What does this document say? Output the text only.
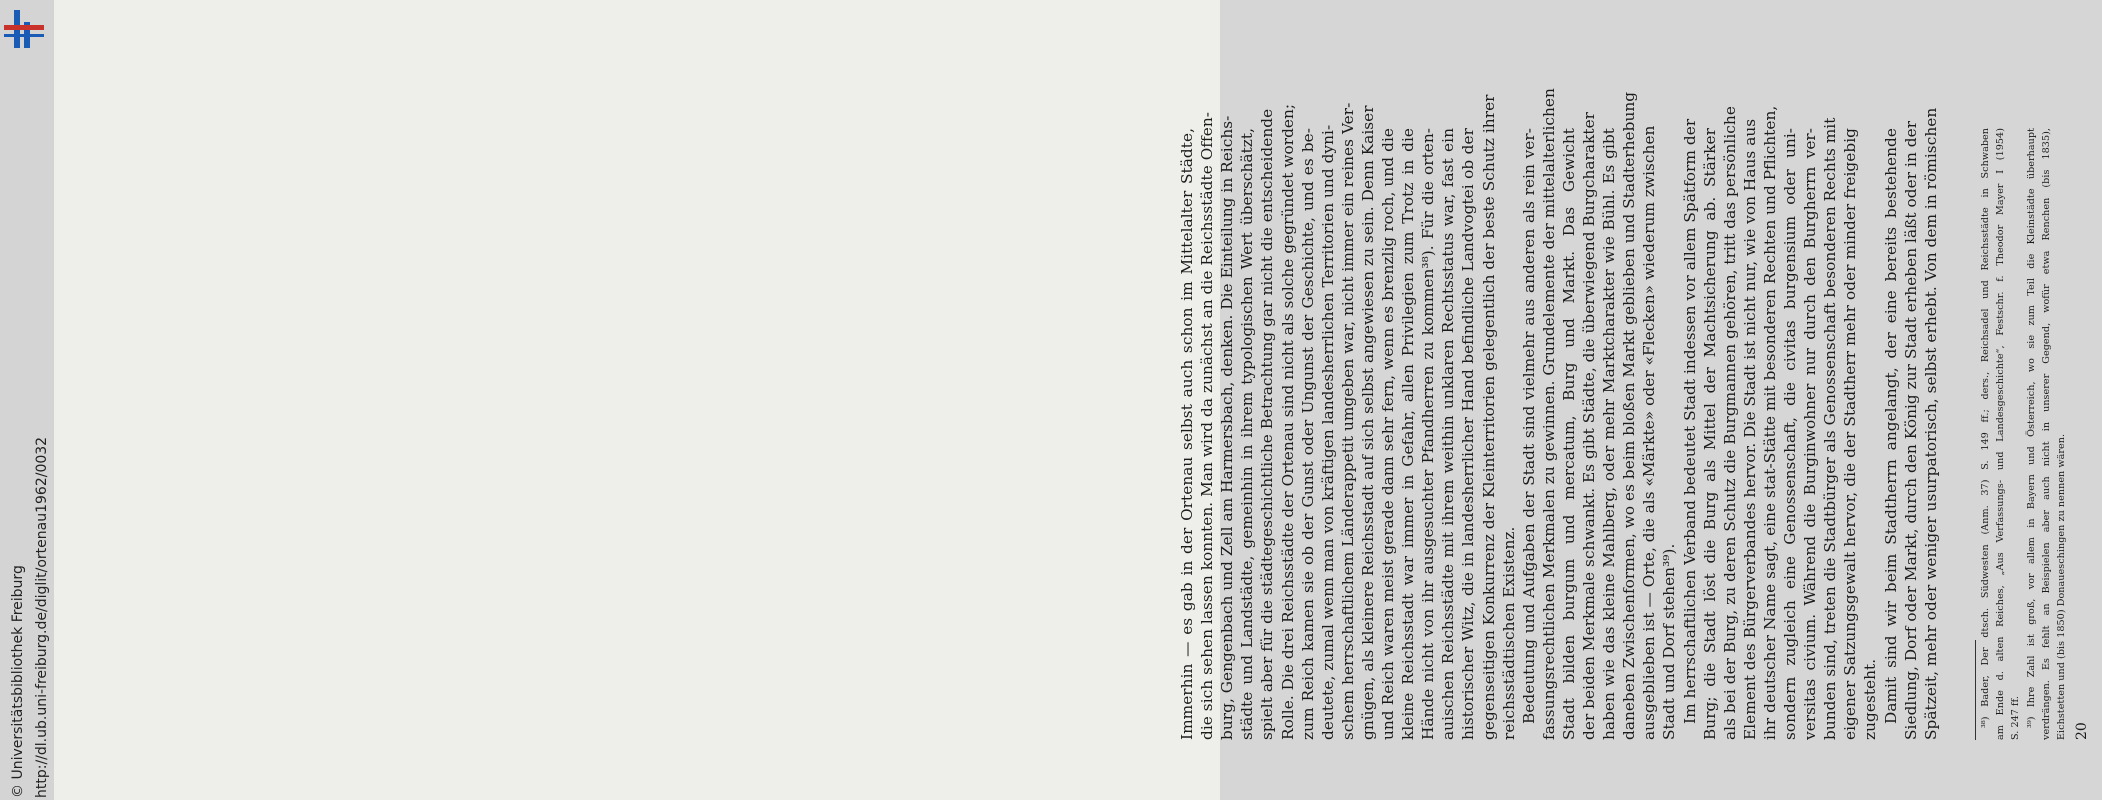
© Universitätsbibliothek Freiburg http://dl.ub.uni-freiburg.de/diglit/ortenau1962/0032	Immerhin — es gab in der Ortenau selbst auch schon im Mittelalter Städte, die sich sehen lassen konnten. Man wird da zunächst an die Reichsstädte Offen- burg, Gengenbach und Zell am Harmersbach, denken. Die Einteilung in Reichs- städte und Landstädte, gemeinhin in ihrem typologischen Wert überschätzt, spielt aber für die städtegeschichtliche Betrachtung gar nicht die entscheidende Rolle. Die drei Reichsstädte der Ortenau sind nicht als solche gegründet worden; zum Reich kamen sie ob der Gunst oder Ungunst der Geschichte, und es be- deutete, zumal wenn man von kräftigen landesherrlichen Territorien und dyni- schem herrschaftlichem Länderappetit umgeben war, nicht immer ein reines Ver- gnügen, als kleinere Reichsstadt auf sich selbst angewiesen zu sein. Denn Kaiser und Reich waren meist gerade dann sehr fern, wenn es brenzlig roch, und die kleine Reichsstadt war immer in Gefahr, allen Privilegien zum Trotz in die Hände nicht von ihr ausgesuchter Pfandherren zu kommen³⁸). Für die orten- auischen Reichsstädte mit ihrem weithin unklaren Rechtsstatus war, fast ein historischer Witz, die in landesherrlicher Hand befindliche Landvogtei ob der gegenseitigen Konkurrenz der Kleinterritorien gelegentlich der beste Schutz ihrer reichsstädtischen Existenz. Bedeutung und Aufgaben der Stadt sind vielmehr aus anderen als rein ver- fassungsrechtlichen Merkmalen zu gewinnen. Grundelemente der mittelalterlichen Stadt bilden burgum und mercatum, Burg und Markt. Das Gewicht der beiden Merkmale schwankt. Es gibt Städte, die überwiegend Burgcharakter haben wie das kleine Mahlberg, oder mehr Marktcharakter wie Bühl. Es gibt daneben Zwischenformen, wo es beim bloßen Markt geblieben und Stadterhebung ausgeblieben ist — Orte, die als «Märkte» oder «Flecken» wiederum zwischen Stadt und Dorf stehen³⁹). Im herrschaftlichen Verband bedeutet Stadt indessen vor allem Spätform der Burg; die Stadt löst die Burg als Mittel der Machtsicherung ab. Stärker als bei der Burg, zu deren Schutz die Burgmannen gehören, tritt das persönliche Element des Bürgerverbandes hervor. Die Stadt ist nicht nur, wie von Haus aus ihr deutscher Name sagt, eine stat-Stätte mit besonderen Rechten und Pflichten, sondern zugleich eine Genossenschaft, die civitas burgensium oder uni- versitas civium. Während die Burginwohner nur durch den Burgherrn ver- bunden sind, treten die Stadtbürger als Genossenschaft besonderen Rechts mit eigener Satzungsgewalt hervor, die der Stadtherr mehr oder minder freigebig zugesteht. Damit sind wir beim Stadtherrn angelangt, der eine bereits bestehende Siedlung, Dorf oder Markt, durch den König zur Stadt erheben läßt oder in der Spätzeit, mehr oder weniger usurpatorisch, selbst erhebt. Von dem in römischen	³⁸) Bader, Der dtsch. Südwesten (Anm. 37) S. 149 ff.; ders., Reichsadel und Reichsstädte in Schwaben am Ende d. alten Reiches, „Aus Verfassungs- und Landesgeschichte“, Festschr. f. Theodor Mayer I (1954) S. 247 ff. ³⁹) Ihre Zahl ist groß, vor allem in Bayern und Österreich, wo sie zum Teil die Kleinstädte überhaupt verdrängen. Es fehlt an Beispielen aber auch nicht in unserer Gegend, wofür etwa Renchen (bis 1835), Eichstetten und (bis 1850) Donaueschingen zu nennen wären. 20
